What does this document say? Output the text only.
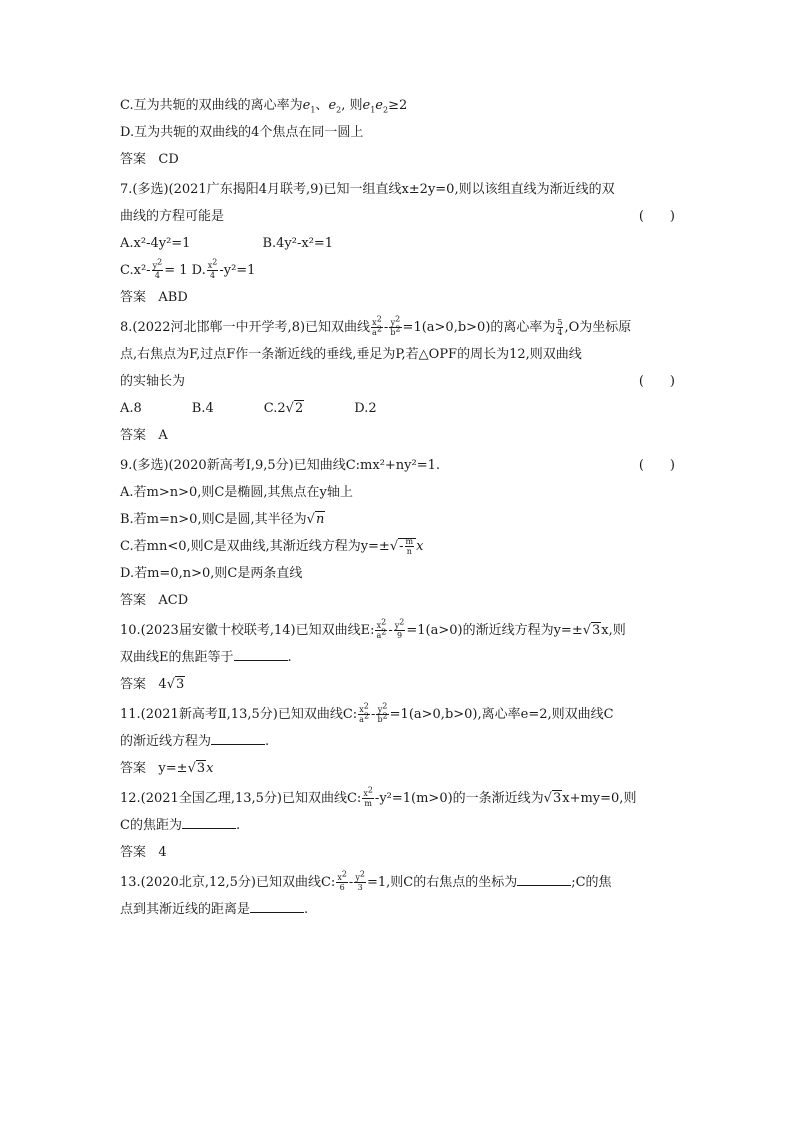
C.互为共轭的双曲线的离心率为$e_1$、$e_2$, 则$e_1e_2\ge 2$
D.互为共轭的双曲线的4个焦点在同一圆上
答案 CD
7.(多选)(2021广东揭阳4月联考,9)已知一组直线x±2y=0,则以该组直线为渐近线的双
曲线的方程可能是	(　　)
A.x²-4y²=1	B.4y²-x²=1
$C.x^2- \frac{y^2}{4} = 1$ D. $\frac{x^2}{4} -y^2=1$
答案 ABD
8.(2022河北邯郸一中开学考,8)已知双曲线 $\frac{x^2}{a^2} - \frac{y^2}{b^2} =1(a>0,b>0)$的离心率为 $\frac{5}{4} ,O$为坐标原
点,右焦点为F,过点F作一条渐近线的垂线,垂足为P,若△OPF的周长为12,则双曲线
的实轴长为	(　　)
A.8	B.4	C.2√2	D.2
答案 A
9.(多选)(2020新高考Ⅰ,9,5分)已知曲线C:mx²+ny²=1.	(　　)
A.若m>n>0,则C是椭圆,其焦点在y轴上
B.若m=n>0,则C是圆,其半径为√n
C.若mn<0,则C是双曲线,其渐近线方程为$y=\pm√- \frac{m}{n}$ x
D.若m=0,n>0,则C是两条直线
答案 ACD
10.(2023届安徽十校联考,14)已知双曲线E: $\frac{x^2}{a^2} - \frac{y^2}{9} =1(a>0)$的渐近线方程为y=±√3x,则
双曲线E的焦距等于	.
答案 4√3
11.(2021新高考Ⅱ,13,5分)已知双曲线C: $\frac{x^2}{a^2} - \frac{y^2}{b^2} =1(a>0,b>0)$,离心率e=2,则双曲线C
的渐近线方程为	.
答案 y=±√3x
12.(2021全国乙理,13,5分)已知双曲线C: $\frac{x^2}{m} -y^2=1(m>0)$的一条渐近线为√3x+my=0,则
C的焦距为	.
答案 4
13.(2020北京,12,5分)已知双曲线C: $\frac{x^2}{6} - \frac{y^2}{3} =1$,则C的右焦点的坐标为	;C的焦
点到其渐近线的距离是	.
